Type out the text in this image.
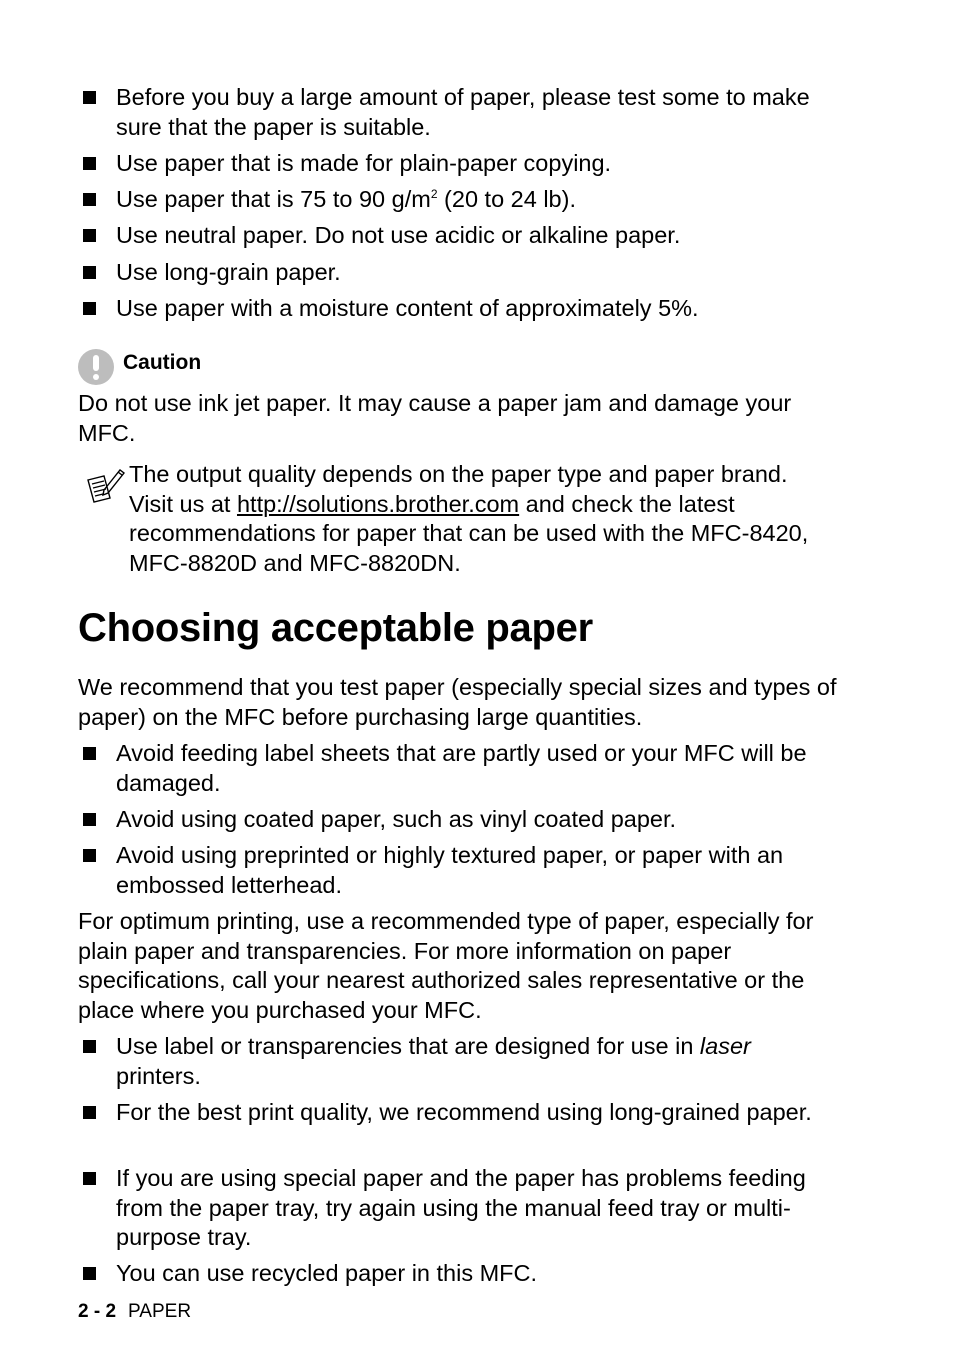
Before you buy a large amount of paper, please test some to make sure that the paper is suitable.
Use paper that is made for plain-paper copying.
Use paper that is 75 to 90 $g/m^2$ (20 to 24 lb).
Use neutral paper. Do not use acidic or alkaline paper.
Use long-grain paper.
Use paper with a moisture content of approximately 5%.
Caution
Do not use ink jet paper. It may cause a paper jam and damage your MFC.
The output quality depends on the paper type and paper brand.
Visit us at http://solutions.brother.com and check the latest recommendations for paper that can be used with the MFC-8420, MFC-8820D and MFC-8820DN.
Choosing acceptable paper
We recommend that you test paper (especially special sizes and types of paper) on the MFC before purchasing large quantities.
Avoid feeding label sheets that are partly used or your MFC will be damaged.
Avoid using coated paper, such as vinyl coated paper.
Avoid using preprinted or highly textured paper, or paper with an embossed letterhead.
For optimum printing, use a recommended type of paper, especially for plain paper and transparencies. For more information on paper specifications, call your nearest authorized sales representative or the place where you purchased your MFC.
Use label or transparencies that are designed for use in laser printers.
For the best print quality, we recommend using long-grained paper.
If you are using special paper and the paper has problems feeding from the paper tray, try again using the manual feed tray or multi-purpose tray.
You can use recycled paper in this MFC.
2 - 2 PAPER
